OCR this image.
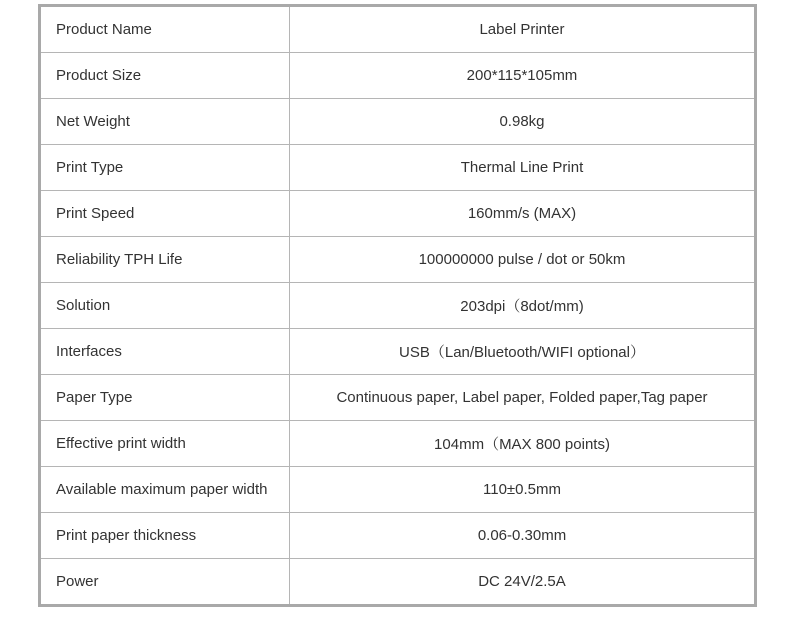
Product Name	Label Printer
Product Size	200*115*105mm
Net Weight	0.98kg
Print Type	Thermal Line Print
Print Speed	160mm/s (MAX)
Reliability TPH Life	100000000 pulse / dot or 50km
Solution	203dpi（8dot/mm)
Interfaces	USB（Lan/Bluetooth/WIFI optional）
Paper Type	Continuous paper, Label paper, Folded paper,Tag paper
Effective print width	104mm（MAX 800 points)
Available maximum paper width	110±0.5mm
Print paper thickness	0.06-0.30mm
Power	DC 24V/2.5A
